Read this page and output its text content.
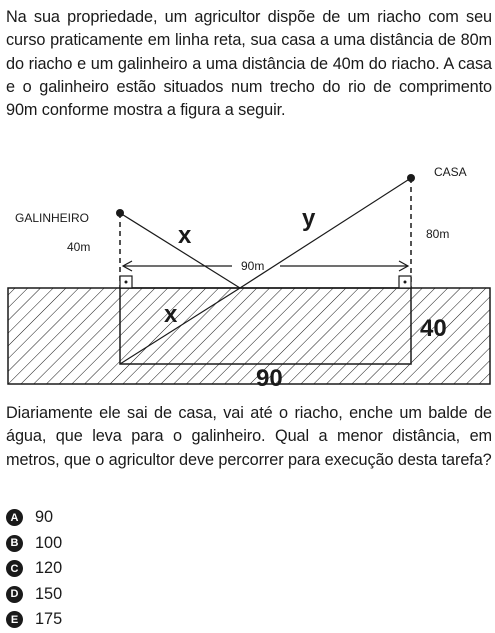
Na sua propriedade, um agricultor dispõe de um riacho com seu curso praticamente em linha reta, sua casa a uma distância de 80m do riacho e um galinheiro a uma distância de 40m do riacho. A casa e o galinheiro estão situados num trecho do rio de comprimento 90m conforme mostra a figura a seguir.

CASA
GALINHEIRO
40m
80m
90m
x
y
x
40
90

Diariamente ele sai de casa, vai até o riacho, enche um balde de água, que leva para o galinheiro. Qual a menor distância, em metros, que o agricultor deve percorrer para execução desta tarefa?

A 90
B 100
C 120
D 150
E 175
